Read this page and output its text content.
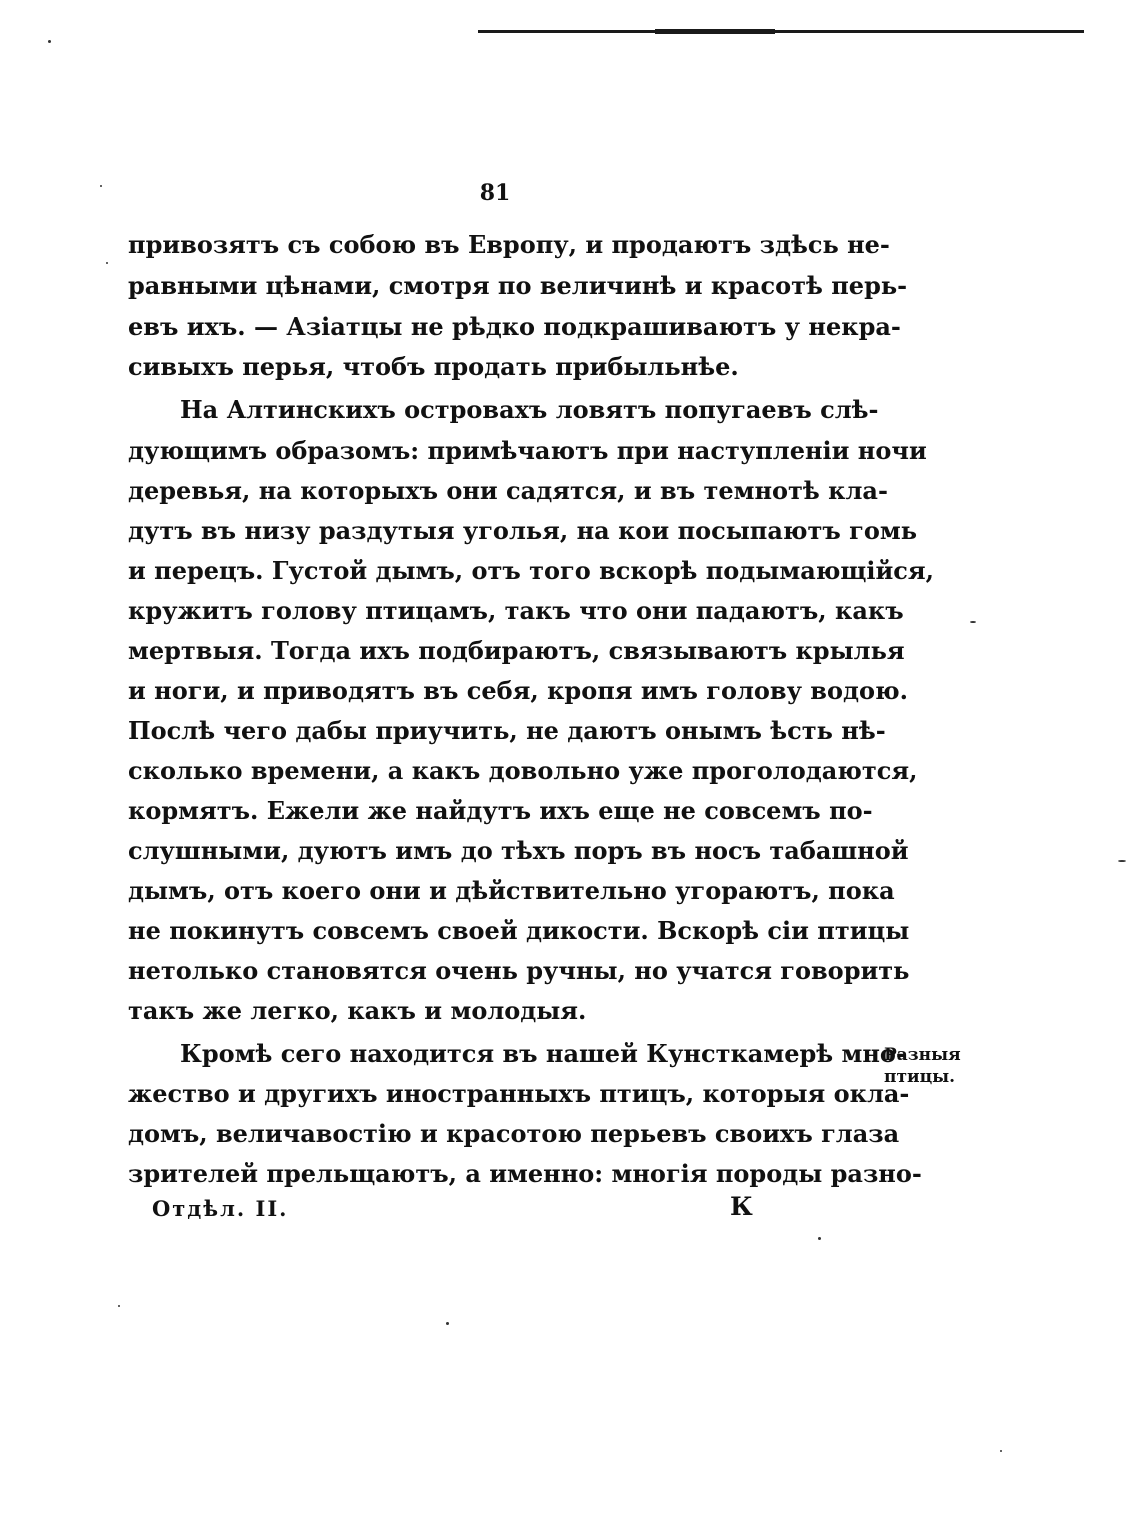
81
привозятъ съ собою въ Европу, и продаютъ здѣсь не-
равными цѣнами, смотря по величинѣ и красотѣ перь-
евъ ихъ. — Азіатцы не рѣдко подкрашиваютъ у некра-
сивыхъ перья, чтобъ продать прибыльнѣе.
На Алтинскихъ островахъ ловятъ попугаевъ слѣ-
дующимъ образомъ: примѣчаютъ при наступленіи ночи
деревья, на которыхъ они садятся, и въ темнотѣ кла-
дутъ въ низу раздутыя уголья, на кои посыпаютъ гомь
и перецъ. Густой дымъ, отъ того вскорѣ подымающійся,
кружитъ голову птицамъ, такъ что они падаютъ, какъ
мертвыя. Тогда ихъ подбираютъ, связываютъ крылья
и ноги, и приводятъ въ себя, кропя имъ голову водою.
Послѣ чего дабы приучить, не даютъ онымъ ѣсть нѣ-
сколько времени, а какъ довольно уже проголодаются,
кормятъ. Ежели же найдутъ ихъ еще не совсемъ по-
слушными, дуютъ имъ до тѣхъ поръ въ носъ табашной
дымъ, отъ коего они и дѣйствительно угораютъ, пока
не покинутъ совсемъ своей дикости. Вскорѣ сіи птицы
нетолько становятся очень ручны, но учатся говорить
такъ же легко, какъ и молодыя.
Кромѣ сего находится въ нашей Кунсткамерѣ мно-
жество и другихъ иностранныхъ птицъ, которыя окла-
домъ, величавостію и красотою перьевъ своихъ глаза
зрителей прельщаютъ, а именно: многія породы разно-
Разныя
птицы.
Отдѣл. II.	К
